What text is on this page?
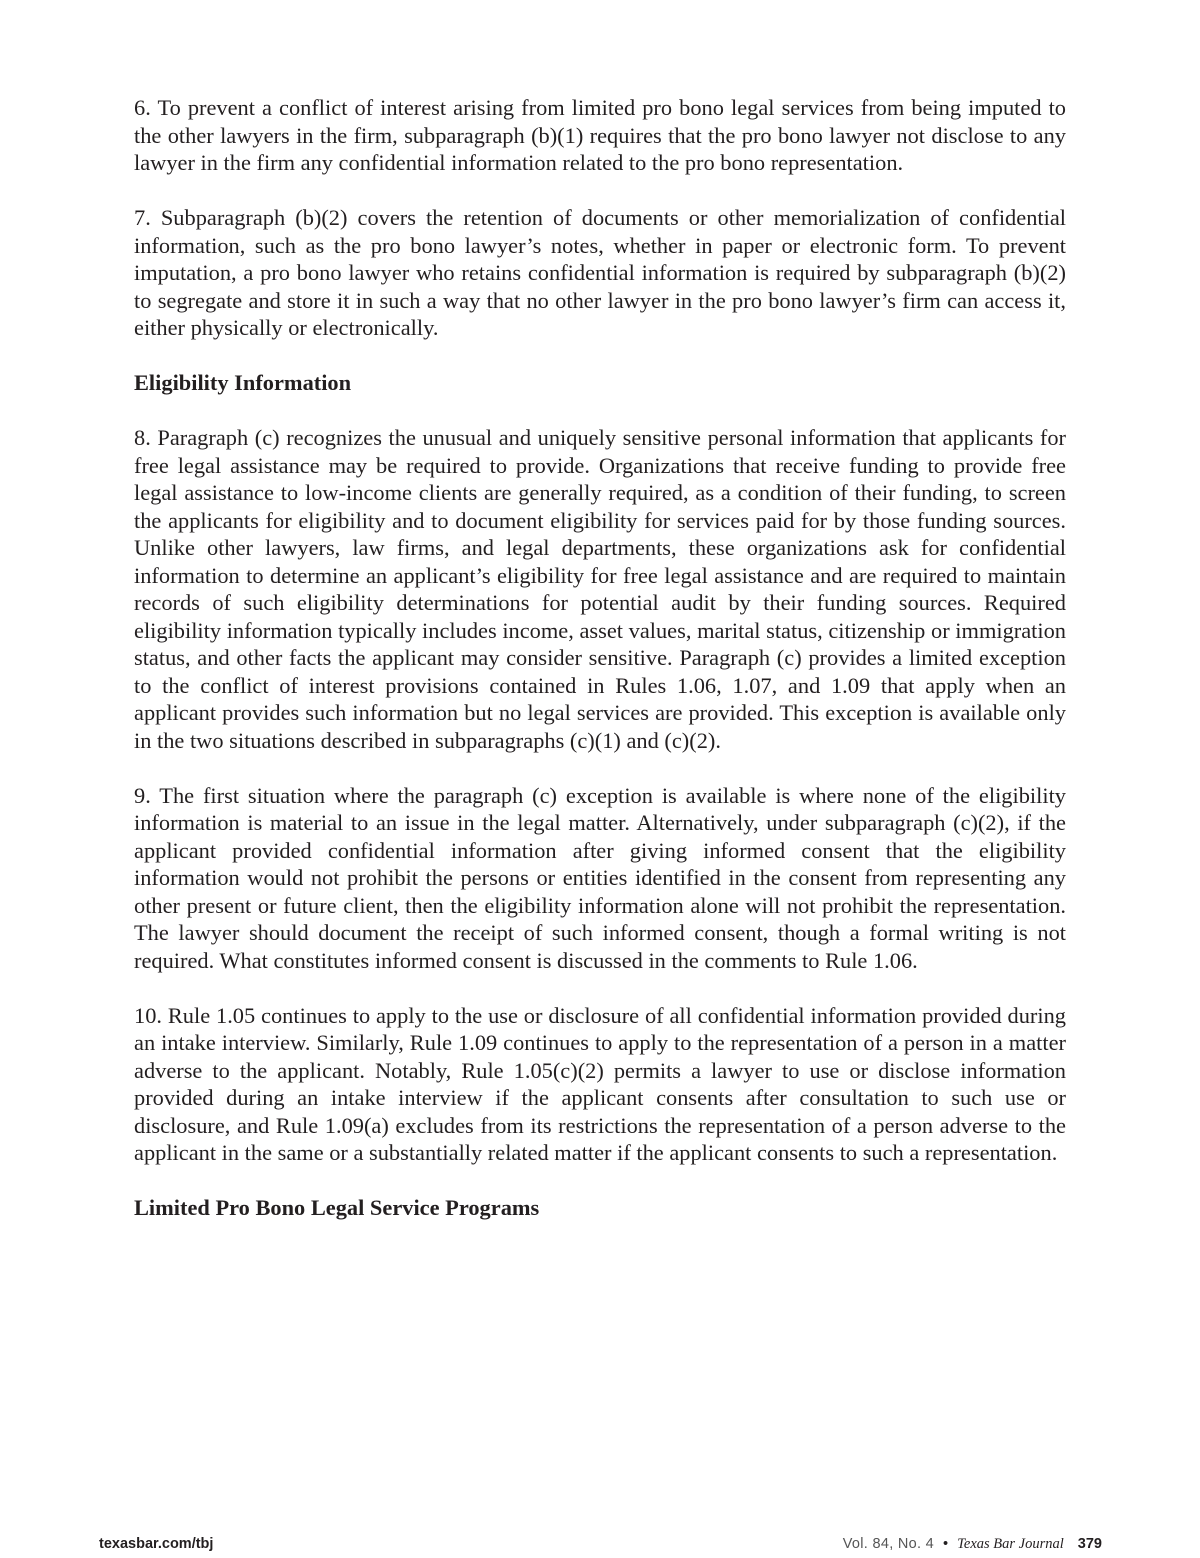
6. To prevent a conflict of interest arising from limited pro bono legal services from being imputed to the other lawyers in the firm, subparagraph (b)(1) requires that the pro bono lawyer not disclose to any lawyer in the firm any confidential information related to the pro bono representation.

7. Subparagraph (b)(2) covers the retention of documents or other memorialization of confidential information, such as the pro bono lawyer’s notes, whether in paper or electronic form. To prevent imputation, a pro bono lawyer who retains confidential information is required by subparagraph (b)(2) to segregate and store it in such a way that no other lawyer in the pro bono lawyer’s firm can access it, either physically or electronically.

Eligibility Information

8. Paragraph (c) recognizes the unusual and uniquely sensitive personal information that applicants for free legal assistance may be required to provide. Organizations that receive funding to provide free legal assistance to low-income clients are generally required, as a condition of their funding, to screen the applicants for eligibility and to document eligibility for services paid for by those funding sources. Unlike other lawyers, law firms, and legal departments, these organizations ask for confidential information to determine an applicant’s eligibility for free legal assistance and are required to maintain records of such eligibility determinations for potential audit by their funding sources. Required eligibility information typically includes income, asset values, marital status, citizenship or immigration status, and other facts the applicant may consider sensitive. Paragraph (c) provides a limited exception to the conflict of interest provisions contained in Rules 1.06, 1.07, and 1.09 that apply when an applicant provides such information but no legal services are provided. This exception is available only in the two situations described in subparagraphs (c)(1) and (c)(2).

9. The first situation where the paragraph (c) exception is available is where none of the eligibility information is material to an issue in the legal matter. Alternatively, under subparagraph (c)(2), if the applicant provided confidential information after giving informed consent that the eligibility information would not prohibit the persons or entities identified in the consent from representing any other present or future client, then the eligibility information alone will not prohibit the representation. The lawyer should document the receipt of such informed consent, though a formal writing is not required. What constitutes informed consent is discussed in the comments to Rule 1.06.

10. Rule 1.05 continues to apply to the use or disclosure of all confidential information provided during an intake interview. Similarly, Rule 1.09 continues to apply to the representation of a person in a matter adverse to the applicant. Notably, Rule 1.05(c)(2) permits a lawyer to use or disclose information provided during an intake interview if the applicant consents after consultation to such use or disclosure, and Rule 1.09(a) excludes from its restrictions the representation of a person adverse to the applicant in the same or a substantially related matter if the applicant consents to such a representation.

Limited Pro Bono Legal Service Programs
texasbar.com/tbj	Vol. 84, No. 4 • Texas Bar Journal 379
